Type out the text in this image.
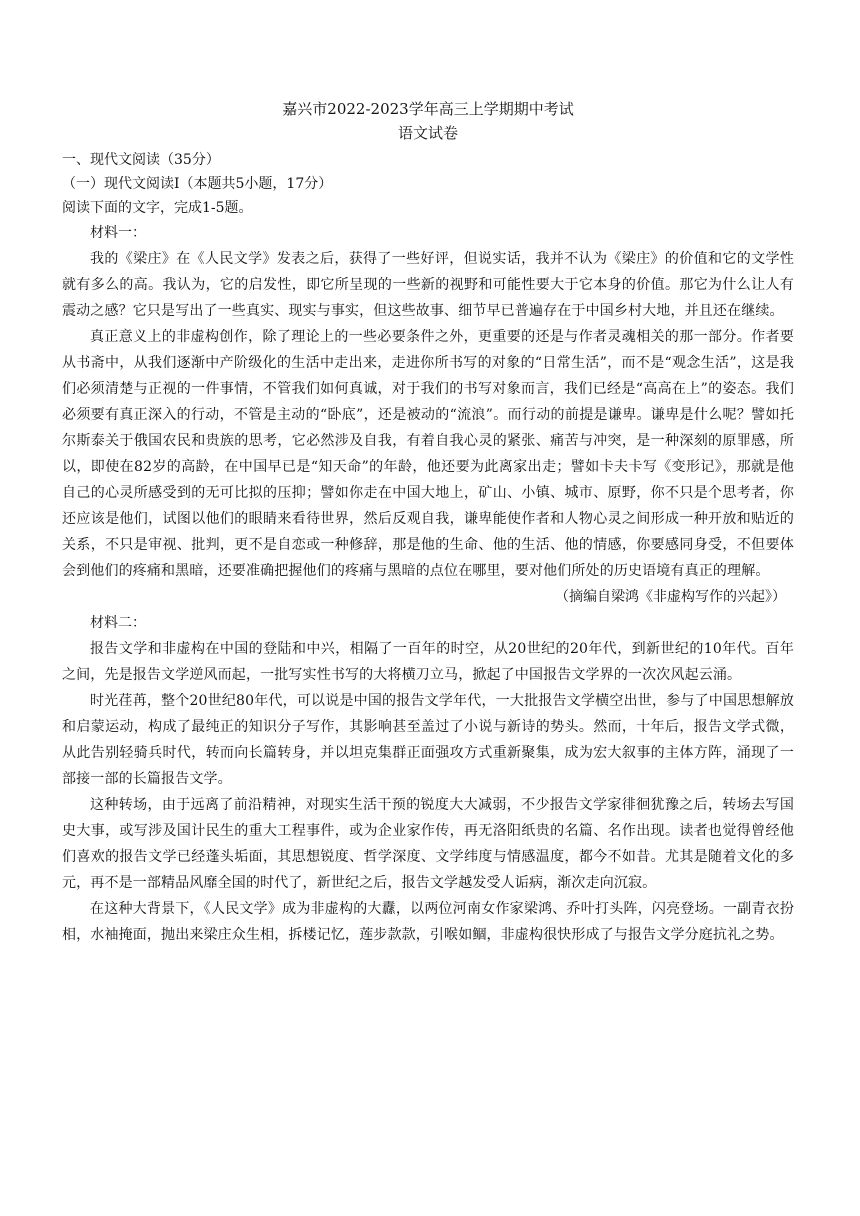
嘉兴市2022-2023学年高三上学期期中考试

语文试卷

一、现代文阅读（35分）

（一）现代文阅读Ⅰ（本题共5小题，17分）

阅读下面的文字，完成1-5题。

材料一：

我的《梁庄》在《人民文学》发表之后，获得了一些好评，但说实话，我并不认为《梁庄》的价值和它的文学性就有多么的高。我认为，它的启发性，即它所呈现的一些新的视野和可能性要大于它本身的价值。那它为什么让人有震动之感？它只是写出了一些真实、现实与事实，但这些故事、细节早已普遍存在于中国乡村大地，并且还在继续。

真正意义上的非虚构创作，除了理论上的一些必要条件之外，更重要的还是与作者灵魂相关的那一部分。作者要从书斋中，从我们逐渐中产阶级化的生活中走出来，走进你所书写的对象的“日常生活”，而不是“观念生活”，这是我们必须清楚与正视的一件事情，不管我们如何真诚，对于我们的书写对象而言，我们已经是“高高在上”的姿态。我们必须要有真正深入的行动，不管是主动的“卧底”，还是被动的“流浪”。而行动的前提是谦卑。谦卑是什么呢？譬如托尔斯泰关于俄国农民和贵族的思考，它必然涉及自我，有着自我心灵的紧张、痛苦与冲突，是一种深刻的原罪感，所以，即使在82岁的高龄，在中国早已是“知天命”的年龄，他还要为此离家出走；譬如卡夫卡写《变形记》，那就是他自己的心灵所感受到的无可比拟的压抑；譬如你走在中国大地上，矿山、小镇、城市、原野，你不只是个思考者，你还应该是他们，试图以他们的眼睛来看待世界，然后反观自我，谦卑能使作者和人物心灵之间形成一种开放和贴近的关系，不只是审视、批判，更不是自恋或一种修辞，那是他的生命、他的生活、他的情感，你要感同身受，不但要体会到他们的疼痛和黑暗，还要准确把握他们的疼痛与黑暗的点位在哪里，要对他们所处的历史语境有真正的理解。

（摘编自梁鸿《非虚构写作的兴起》）

材料二：

报告文学和非虚构在中国的登陆和中兴，相隔了一百年的时空，从20世纪的20年代，到新世纪的10年代。百年之间，先是报告文学逆风而起，一批写实性书写的大将横刀立马，掀起了中国报告文学界的一次次风起云涌。

时光荏苒，整个20世纪80年代，可以说是中国的报告文学年代，一大批报告文学横空出世，参与了中国思想解放和启蒙运动，构成了最纯正的知识分子写作，其影响甚至盖过了小说与新诗的势头。然而，十年后，报告文学式微，从此告别轻骑兵时代，转而向长篇转身，并以坦克集群正面强攻方式重新聚集，成为宏大叙事的主体方阵，涌现了一部接一部的长篇报告文学。

这种转场，由于远离了前沿精神，对现实生活干预的锐度大大减弱，不少报告文学家徘徊犹豫之后，转场去写国史大事，或写涉及国计民生的重大工程事件，或为企业家作传，再无洛阳纸贵的名篇、名作出现。读者也觉得曾经他们喜欢的报告文学已经蓬头垢面，其思想锐度、哲学深度、文学纬度与情感温度，都今不如昔。尤其是随着文化的多元，再不是一部精品风靡全国的时代了，新世纪之后，报告文学越发受人诟病，渐次走向沉寂。

在这种大背景下，《人民文学》成为非虚构的大纛，以两位河南女作家梁鸿、乔叶打头阵，闪亮登场。一副青衣扮相，水袖掩面，抛出来梁庄众生相，拆楼记忆，莲步款款，引喉如鲴，非虚构很快形成了与报告文学分庭抗礼之势。
